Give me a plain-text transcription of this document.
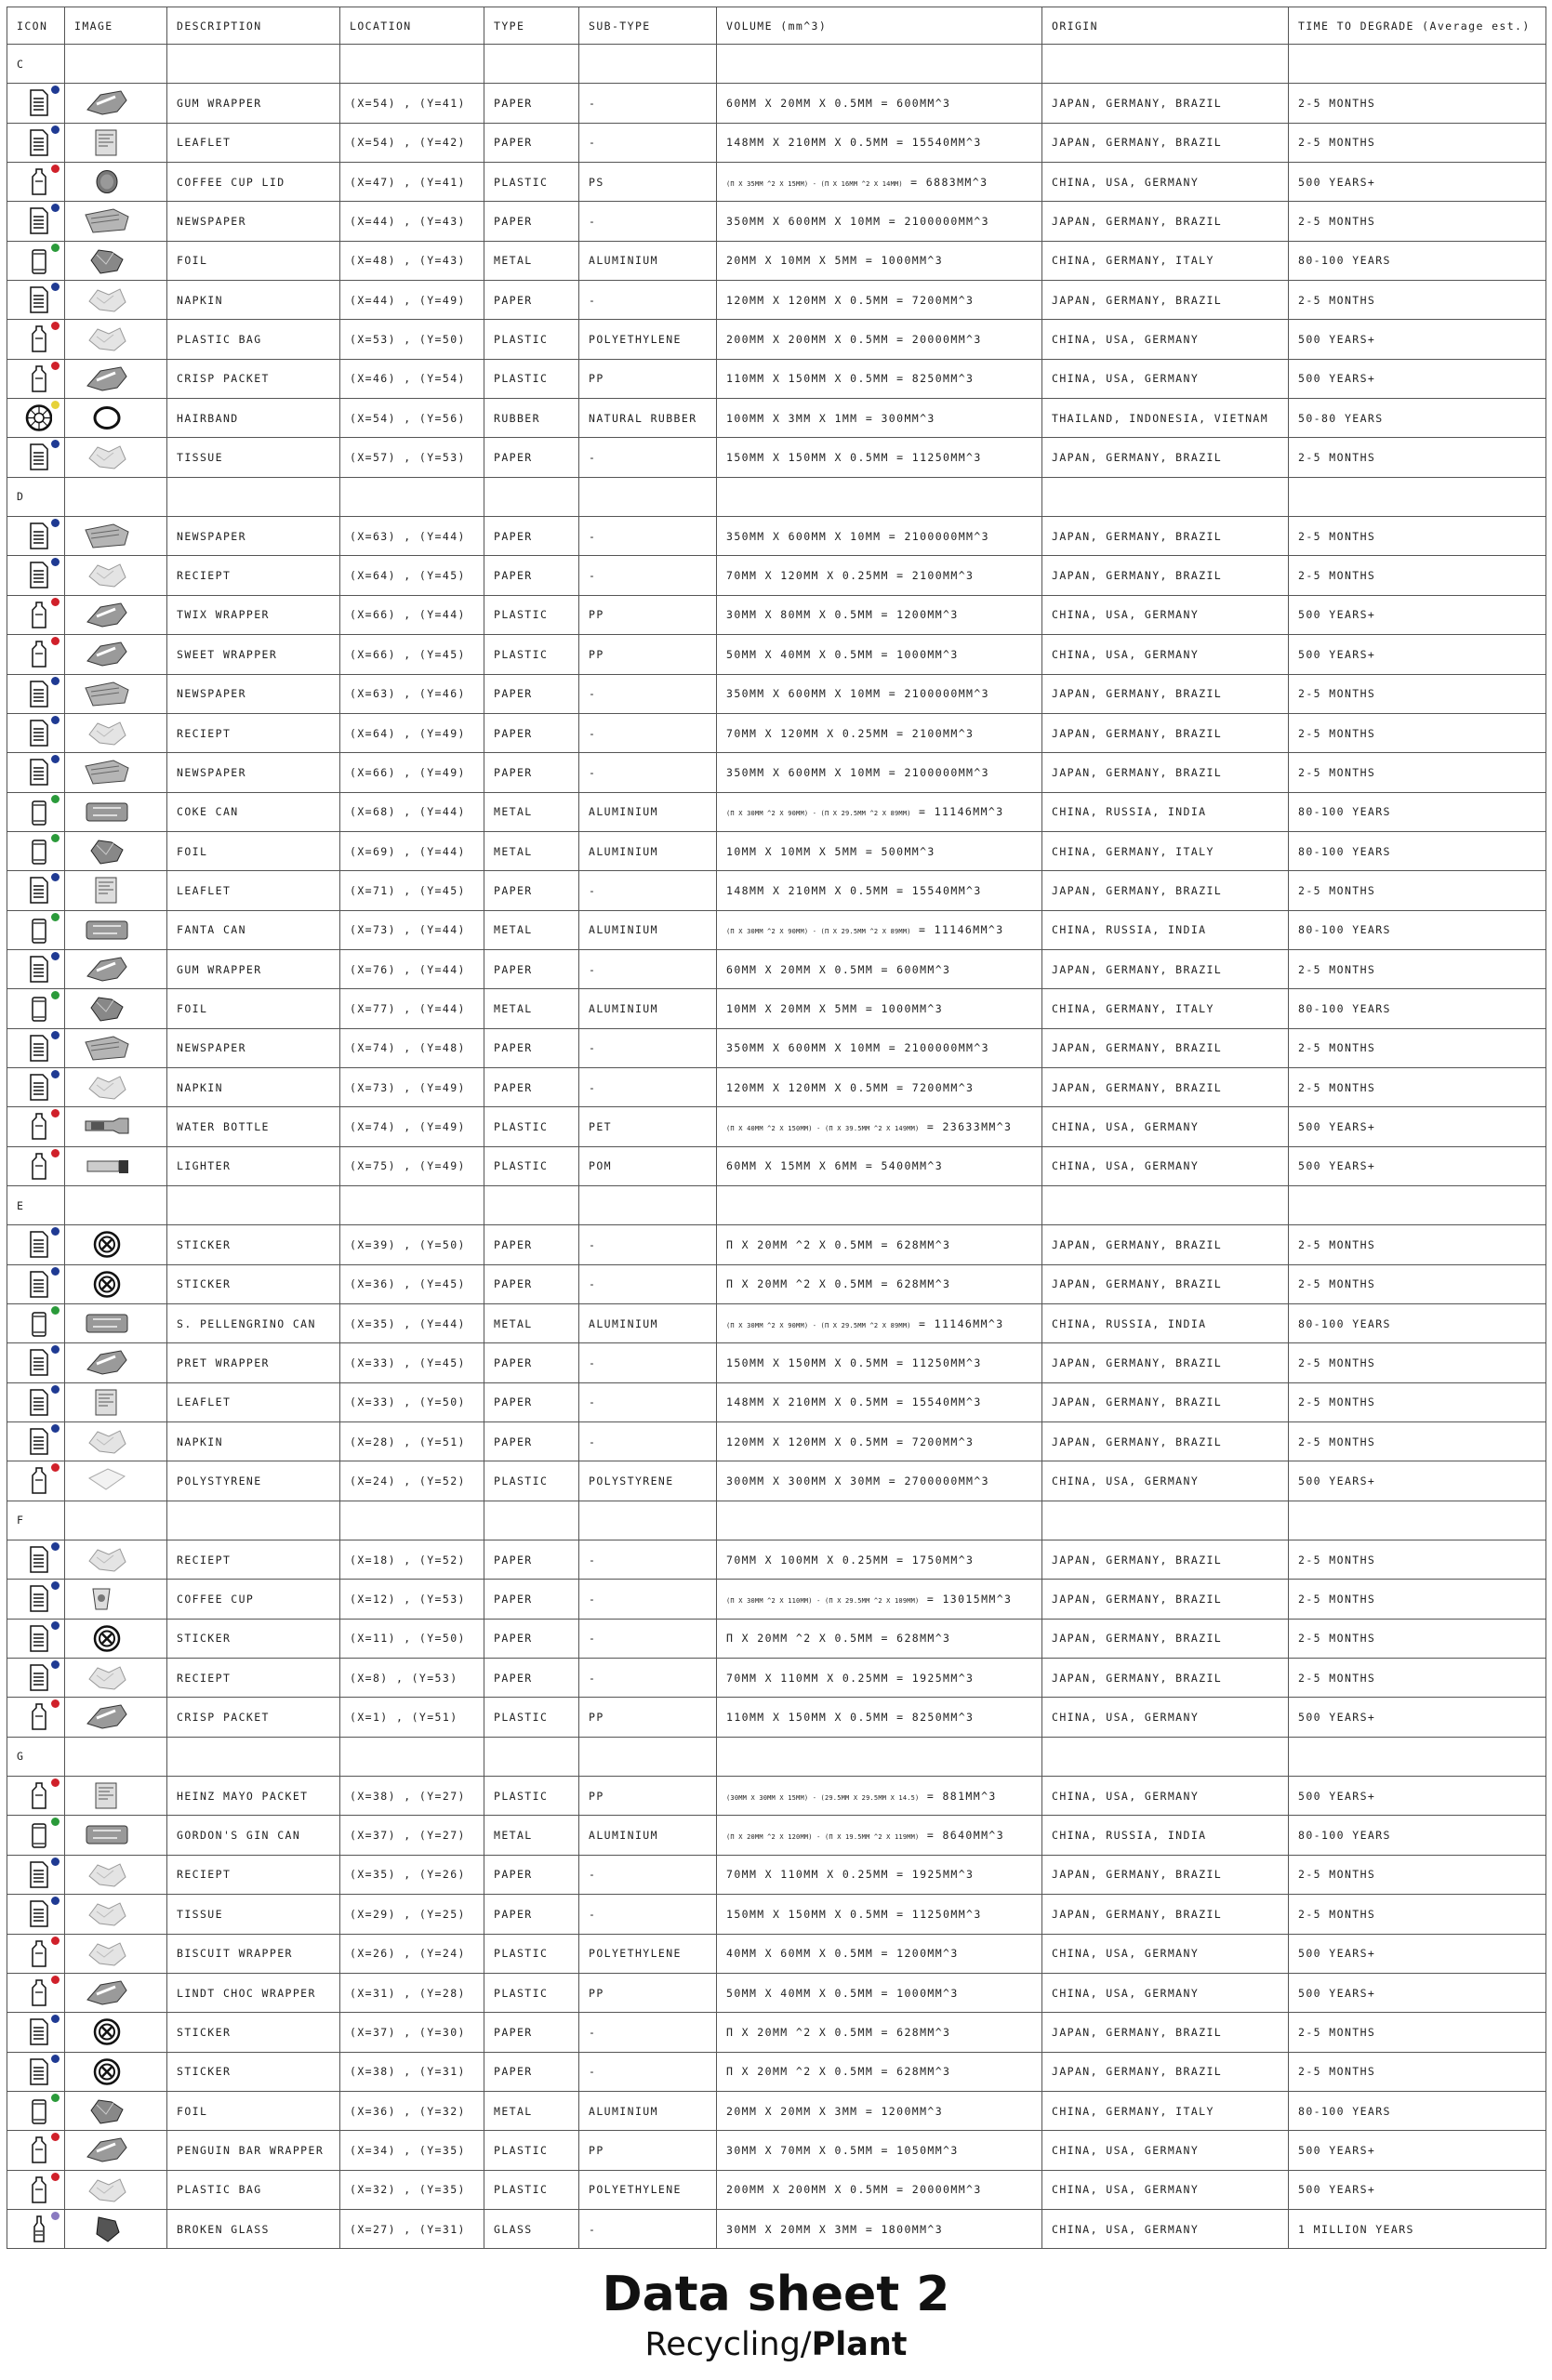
ICON	IMAGE	DESCRIPTION	LOCATION	TYPE	SUB-TYPE	VOLUME (mm^3)	ORIGIN	TIME TO DEGRADE (Average est.)
C								

	GUM WRAPPER	(X=54) , (Y=41)	PAPER	-	60MM X 20MM X 0.5MM = 600MM^3	JAPAN, GERMANY, BRAZIL	2-5 MONTHS

	LEAFLET	(X=54) , (Y=42)	PAPER	-	148MM X 210MM X 0.5MM = 15540MM^3	JAPAN, GERMANY, BRAZIL	2-5 MONTHS

	COFFEE CUP LID	(X=47) , (Y=41)	PLASTIC	PS	(Π X 35MM ^2 X 15MM) - (Π X 16MM ^2 X 14MM) = 6883MM^3	CHINA, USA, GERMANY	500 YEARS+

	NEWSPAPER	(X=44) , (Y=43)	PAPER	-	350MM X 600MM X 10MM = 2100000MM^3	JAPAN, GERMANY, BRAZIL	2-5 MONTHS

	FOIL	(X=48) , (Y=43)	METAL	ALUMINIUM	20MM X 10MM X 5MM = 1000MM^3	CHINA, GERMANY, ITALY	80-100 YEARS

	NAPKIN	(X=44) , (Y=49)	PAPER	-	120MM X 120MM X 0.5MM = 7200MM^3	JAPAN, GERMANY, BRAZIL	2-5 MONTHS

	PLASTIC BAG	(X=53) , (Y=50)	PLASTIC	POLYETHYLENE	200MM X 200MM X 0.5MM = 20000MM^3	CHINA, USA, GERMANY	500 YEARS+

	CRISP PACKET	(X=46) , (Y=54)	PLASTIC	PP	110MM X 150MM X 0.5MM = 8250MM^3	CHINA, USA, GERMANY	500 YEARS+

	HAIRBAND	(X=54) , (Y=56)	RUBBER	NATURAL RUBBER	100MM X 3MM X 1MM = 300MM^3	THAILAND, INDONESIA, VIETNAM	50-80 YEARS

	TISSUE	(X=57) , (Y=53)	PAPER	-	150MM X 150MM X 0.5MM = 11250MM^3	JAPAN, GERMANY, BRAZIL	2-5 MONTHS
D								

	NEWSPAPER	(X=63) , (Y=44)	PAPER	-	350MM X 600MM X 10MM = 2100000MM^3	JAPAN, GERMANY, BRAZIL	2-5 MONTHS

	RECIEPT	(X=64) , (Y=45)	PAPER	-	70MM X 120MM X 0.25MM = 2100MM^3	JAPAN, GERMANY, BRAZIL	2-5 MONTHS

	TWIX WRAPPER	(X=66) , (Y=44)	PLASTIC	PP	30MM X 80MM X 0.5MM = 1200MM^3	CHINA, USA, GERMANY	500 YEARS+

	SWEET WRAPPER	(X=66) , (Y=45)	PLASTIC	PP	50MM X 40MM X 0.5MM = 1000MM^3	CHINA, USA, GERMANY	500 YEARS+

	NEWSPAPER	(X=63) , (Y=46)	PAPER	-	350MM X 600MM X 10MM = 2100000MM^3	JAPAN, GERMANY, BRAZIL	2-5 MONTHS

	RECIEPT	(X=64) , (Y=49)	PAPER	-	70MM X 120MM X 0.25MM = 2100MM^3	JAPAN, GERMANY, BRAZIL	2-5 MONTHS

	NEWSPAPER	(X=66) , (Y=49)	PAPER	-	350MM X 600MM X 10MM = 2100000MM^3	JAPAN, GERMANY, BRAZIL	2-5 MONTHS

	COKE CAN	(X=68) , (Y=44)	METAL	ALUMINIUM	(Π X 30MM ^2 X 90MM) - (Π X 29.5MM ^2 X 89MM) = 11146MM^3	CHINA, RUSSIA, INDIA	80-100 YEARS

	FOIL	(X=69) , (Y=44)	METAL	ALUMINIUM	10MM X 10MM X 5MM = 500MM^3	CHINA, GERMANY, ITALY	80-100 YEARS

	LEAFLET	(X=71) , (Y=45)	PAPER	-	148MM X 210MM X 0.5MM = 15540MM^3	JAPAN, GERMANY, BRAZIL	2-5 MONTHS

	FANTA CAN	(X=73) , (Y=44)	METAL	ALUMINIUM	(Π X 30MM ^2 X 90MM) - (Π X 29.5MM ^2 X 89MM) = 11146MM^3	CHINA, RUSSIA, INDIA	80-100 YEARS

	GUM WRAPPER	(X=76) , (Y=44)	PAPER	-	60MM X 20MM X 0.5MM = 600MM^3	JAPAN, GERMANY, BRAZIL	2-5 MONTHS

	FOIL	(X=77) , (Y=44)	METAL	ALUMINIUM	10MM X 20MM X 5MM = 1000MM^3	CHINA, GERMANY, ITALY	80-100 YEARS

	NEWSPAPER	(X=74) , (Y=48)	PAPER	-	350MM X 600MM X 10MM = 2100000MM^3	JAPAN, GERMANY, BRAZIL	2-5 MONTHS

	NAPKIN	(X=73) , (Y=49)	PAPER	-	120MM X 120MM X 0.5MM = 7200MM^3	JAPAN, GERMANY, BRAZIL	2-5 MONTHS

	WATER BOTTLE	(X=74) , (Y=49)	PLASTIC	PET	(Π X 40MM ^2 X 150MM) - (Π X 39.5MM ^2 X 149MM) = 23633MM^3	CHINA, USA, GERMANY	500 YEARS+

	LIGHTER	(X=75) , (Y=49)	PLASTIC	POM	60MM X 15MM X 6MM = 5400MM^3	CHINA, USA, GERMANY	500 YEARS+
E								

	STICKER	(X=39) , (Y=50)	PAPER	-	Π X 20MM ^2 X 0.5MM = 628MM^3	JAPAN, GERMANY, BRAZIL	2-5 MONTHS

	STICKER	(X=36) , (Y=45)	PAPER	-	Π X 20MM ^2 X 0.5MM = 628MM^3	JAPAN, GERMANY, BRAZIL	2-5 MONTHS

	S. PELLENGRINO CAN	(X=35) , (Y=44)	METAL	ALUMINIUM	(Π X 30MM ^2 X 90MM) - (Π X 29.5MM ^2 X 89MM) = 11146MM^3	CHINA, RUSSIA, INDIA	80-100 YEARS

	PRET WRAPPER	(X=33) , (Y=45)	PAPER	-	150MM X 150MM X 0.5MM = 11250MM^3	JAPAN, GERMANY, BRAZIL	2-5 MONTHS

	LEAFLET	(X=33) , (Y=50)	PAPER	-	148MM X 210MM X 0.5MM = 15540MM^3	JAPAN, GERMANY, BRAZIL	2-5 MONTHS

	NAPKIN	(X=28) , (Y=51)	PAPER	-	120MM X 120MM X 0.5MM = 7200MM^3	JAPAN, GERMANY, BRAZIL	2-5 MONTHS

	POLYSTYRENE	(X=24) , (Y=52)	PLASTIC	POLYSTYRENE	300MM X 300MM X 30MM = 2700000MM^3	CHINA, USA, GERMANY	500 YEARS+
F								

	RECIEPT	(X=18) , (Y=52)	PAPER	-	70MM X 100MM X 0.25MM = 1750MM^3	JAPAN, GERMANY, BRAZIL	2-5 MONTHS

	COFFEE CUP	(X=12) , (Y=53)	PAPER	-	(Π X 30MM ^2 X 110MM) - (Π X 29.5MM ^2 X 109MM) = 13015MM^3	JAPAN, GERMANY, BRAZIL	2-5 MONTHS

	STICKER	(X=11) , (Y=50)	PAPER	-	Π X 20MM ^2 X 0.5MM = 628MM^3	JAPAN, GERMANY, BRAZIL	2-5 MONTHS

	RECIEPT	(X=8) , (Y=53)	PAPER	-	70MM X 110MM X 0.25MM = 1925MM^3	JAPAN, GERMANY, BRAZIL	2-5 MONTHS

	CRISP PACKET	(X=1) , (Y=51)	PLASTIC	PP	110MM X 150MM X 0.5MM = 8250MM^3	CHINA, USA, GERMANY	500 YEARS+
G								

	HEINZ MAYO PACKET	(X=38) , (Y=27)	PLASTIC	PP	(30MM X 30MM X 15MM) - (29.5MM X 29.5MM X 14.5) = 881MM^3	CHINA, USA, GERMANY	500 YEARS+

	GORDON'S GIN CAN	(X=37) , (Y=27)	METAL	ALUMINIUM	(Π X 20MM ^2 X 120MM) - (Π X 19.5MM ^2 X 119MM) = 8640MM^3	CHINA, RUSSIA, INDIA	80-100 YEARS

	RECIEPT	(X=35) , (Y=26)	PAPER	-	70MM X 110MM X 0.25MM = 1925MM^3	JAPAN, GERMANY, BRAZIL	2-5 MONTHS

	TISSUE	(X=29) , (Y=25)	PAPER	-	150MM X 150MM X 0.5MM = 11250MM^3	JAPAN, GERMANY, BRAZIL	2-5 MONTHS

	BISCUIT WRAPPER	(X=26) , (Y=24)	PLASTIC	POLYETHYLENE	40MM X 60MM X 0.5MM = 1200MM^3	CHINA, USA, GERMANY	500 YEARS+

	LINDT CHOC WRAPPER	(X=31) , (Y=28)	PLASTIC	PP	50MM X 40MM X 0.5MM = 1000MM^3	CHINA, USA, GERMANY	500 YEARS+

	STICKER	(X=37) , (Y=30)	PAPER	-	Π X 20MM ^2 X 0.5MM = 628MM^3	JAPAN, GERMANY, BRAZIL	2-5 MONTHS

	STICKER	(X=38) , (Y=31)	PAPER	-	Π X 20MM ^2 X 0.5MM = 628MM^3	JAPAN, GERMANY, BRAZIL	2-5 MONTHS

	FOIL	(X=36) , (Y=32)	METAL	ALUMINIUM	20MM X 20MM X 3MM = 1200MM^3	CHINA, GERMANY, ITALY	80-100 YEARS

	PENGUIN BAR WRAPPER	(X=34) , (Y=35)	PLASTIC	PP	30MM X 70MM X 0.5MM = 1050MM^3	CHINA, USA, GERMANY	500 YEARS+

	PLASTIC BAG	(X=32) , (Y=35)	PLASTIC	POLYETHYLENE	200MM X 200MM X 0.5MM = 20000MM^3	CHINA, USA, GERMANY	500 YEARS+

	BROKEN GLASS	(X=27) , (Y=31)	GLASS	-	30MM X 20MM X 3MM = 1800MM^3	CHINA, USA, GERMANY	1 MILLION YEARS
Data sheet 2
Recycling/Plant
